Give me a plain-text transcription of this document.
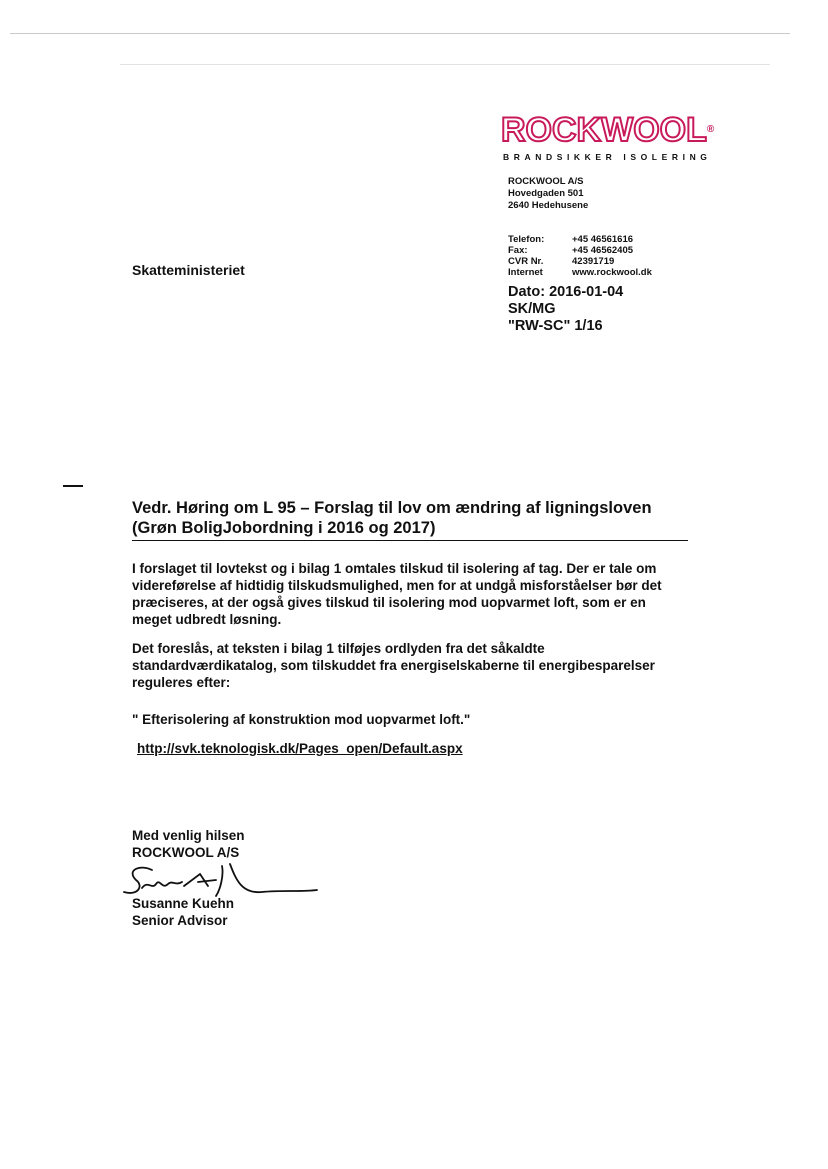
ROCKWOOL®
BRANDSIKKER ISOLERING
ROCKWOOL A/S
Hovedgaden 501
2640 Hedehusene
Telefon:	+45 46561616
Fax:	+45 46562405
CVR Nr.	42391719
Internet	www.rockwool.dk
Skatteministeriet
Dato: 2016-01-04
SK/MG
"RW-SC" 1/16
Vedr. Høring om L 95 – Forslag til lov om ændring af ligningsloven
(Grøn BoligJobordning i 2016 og 2017)
I forslaget til lovtekst og i bilag 1 omtales tilskud til isolering af tag. Der er tale om videreførelse af hidtidig tilskudsmulighed, men for at undgå misforståelser bør det præciseres, at der også gives tilskud til isolering mod uopvarmet loft, som er en meget udbredt løsning.
Det foreslås, at teksten i bilag 1 tilføjes ordlyden fra det såkaldte standardværdikatalog, som tilskuddet fra energiselskaberne til energibesparelser reguleres efter:
" Efterisolering af konstruktion mod uopvarmet loft."
http://svk.teknologisk.dk/Pages_open/Default.aspx
Med venlig hilsen
ROCKWOOL A/S
Susanne Kuehn
Senior Advisor
